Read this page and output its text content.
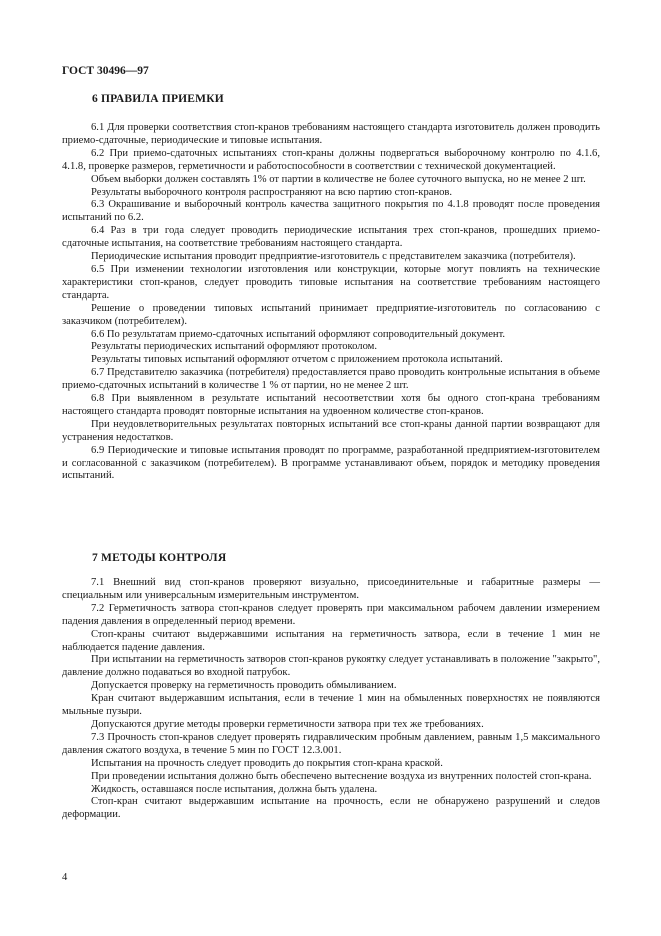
ГОСТ 30496—97
6 ПРАВИЛА ПРИЕМКИ

6.1 Для проверки соответствия стоп-кранов требованиям настоящего стандарта изготовитель должен проводить приемо-сдаточные, периодические и типовые испытания.

6.2 При приемо-сдаточных испытаниях стоп-краны должны подвергаться выборочному контролю по 4.1.6, 4.1.8, проверке размеров, герметичности и работоспособности в соответствии с технической документацией.

Объем выборки должен составлять 1% от партии в количестве не более суточного выпуска, но не менее 2 шт.

Результаты выборочного контроля распространяют на всю партию стоп-кранов.

6.3 Окрашивание и выборочный контроль качества защитного покрытия по 4.1.8 проводят после проведения испытаний по 6.2.

6.4 Раз в три года следует проводить периодические испытания трех стоп-кранов, прошедших приемо-сдаточные испытания, на соответствие требованиям настоящего стандарта.

Периодические испытания проводит предприятие-изготовитель с представителем заказчика (потребителя).

6.5 При изменении технологии изготовления или конструкции, которые могут повлиять на технические характеристики стоп-кранов, следует проводить типовые испытания на соответствие требованиям настоящего стандарта.

Решение о проведении типовых испытаний принимает предприятие-изготовитель по согласованию с заказчиком (потребителем).

6.6 По результатам приемо-сдаточных испытаний оформляют сопроводительный документ.

Результаты периодических испытаний оформляют протоколом.

Результаты типовых испытаний оформляют отчетом с приложением протокола испытаний.

6.7 Представителю заказчика (потребителя) предоставляется право проводить контрольные испытания в объеме приемо-сдаточных испытаний в количестве 1 % от партии, но не менее 2 шт.

6.8 При выявленном в результате испытаний несоответствии хотя бы одного стоп-крана требованиям настоящего стандарта проводят повторные испытания на удвоенном количестве стоп-кранов.

При неудовлетворительных результатах повторных испытаний все стоп-краны данной партии возвращают для устранения недостатков.

6.9 Периодические и типовые испытания проводят по программе, разработанной предприятием-изготовителем и согласованной с заказчиком (потребителем). В программе устанавливают объем, порядок и методику проведения испытаний.

7 МЕТОДЫ КОНТРОЛЯ

7.1 Внешний вид стоп-кранов проверяют визуально, присоединительные и габаритные размеры — специальным или универсальным измерительным инструментом.

7.2 Герметичность затвора стоп-кранов следует проверять при максимальном рабочем давлении измерением падения давления в определенный период времени.

Стоп-краны считают выдержавшими испытания на герметичность затвора, если в течение 1 мин не наблюдается падение давления.

При испытании на герметичность затворов стоп-кранов рукоятку следует устанавливать в положение "закрыто", давление должно подаваться во входной патрубок.

Допускается проверку на герметичность проводить обмыливанием.

Кран считают выдержавшим испытания, если в течение 1 мин на обмыленных поверхностях не появляются мыльные пузыри.

Допускаются другие методы проверки герметичности затвора при тех же требованиях.

7.3 Прочность стоп-кранов следует проверять гидравлическим пробным давлением, равным 1,5 максимального давления сжатого воздуха, в течение 5 мин по ГОСТ 12.3.001.

Испытания на прочность следует проводить до покрытия стоп-крана краской.

При проведении испытания должно быть обеспечено вытеснение воздуха из внутренних полостей стоп-крана.

Жидкость, оставшаяся после испытания, должна быть удалена.

Стоп-кран считают выдержавшим испытание на прочность, если не обнаружено разрушений и следов деформации.

4
